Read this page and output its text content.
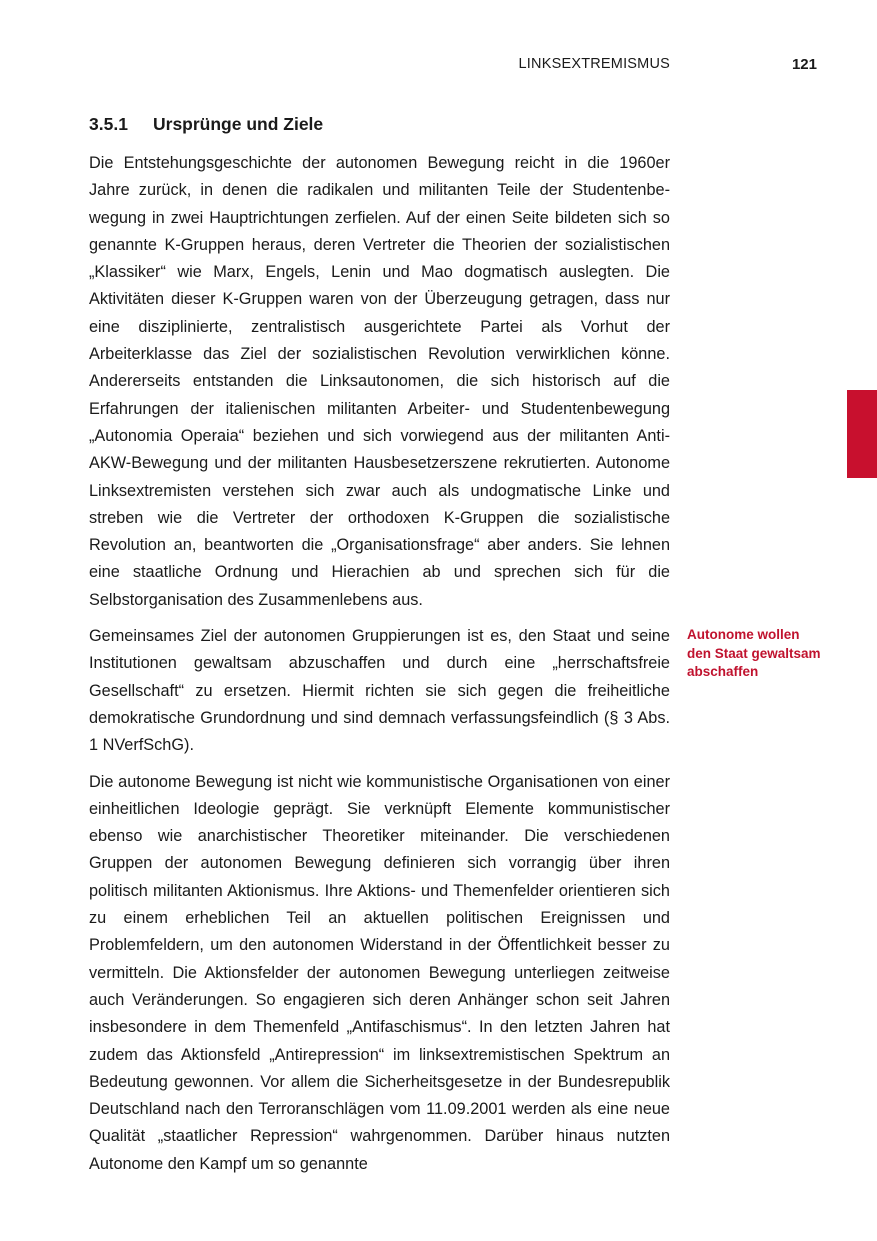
LINKSEXTREMISMUS	121
3.5.1 Ursprünge und Ziele

Die Entstehungsgeschichte der autonomen Bewegung reicht in die 1960er Jahre zurück, in denen die radikalen und militanten Teile der Studentenbewegung in zwei Hauptrichtungen zerfielen. Auf der einen Seite bildeten sich so genannte K-Gruppen heraus, deren Vertreter die Theorien der sozialistischen „Klassiker“ wie Marx, Engels, Lenin und Mao dogmatisch auslegten. Die Aktivitäten dieser K-Gruppen waren von der Überzeugung getragen, dass nur eine disziplinierte, zentralistisch ausgerichtete Partei als Vorhut der Arbeiterklasse das Ziel der sozialistischen Revolution verwirklichen könne. Andererseits entstanden die Linksautonomen, die sich historisch auf die Erfahrungen der italienischen militanten Arbeiter- und Studentenbewegung „Autonomia Operaia“ beziehen und sich vorwiegend aus der militanten Anti-AKW-Bewegung und der militanten Hausbesetzerszene rekrutierten. Autonome Linksextremisten verstehen sich zwar auch als undogmatische Linke und streben wie die Vertreter der orthodoxen K-Gruppen die sozialistische Revolution an, beantworten die „Organisationsfrage“ aber anders. Sie lehnen eine staatliche Ordnung und Hierachien ab und sprechen sich für die Selbstorganisation des Zusammenlebens aus.

Gemeinsames Ziel der autonomen Gruppierungen ist es, den Staat und seine Institutionen gewaltsam abzuschaffen und durch eine „herrschaftsfreie Gesellschaft“ zu ersetzen. Hiermit richten sie sich gegen die freiheitliche demokratische Grundordnung und sind demnach verfassungsfeindlich (§ 3 Abs. 1 NVerfSchG).

Die autonome Bewegung ist nicht wie kommunistische Organisationen von einer einheitlichen Ideologie geprägt. Sie verknüpft Elemente kommunistischer ebenso wie anarchistischer Theoretiker miteinander. Die verschiedenen Gruppen der autonomen Bewegung definieren sich vorrangig über ihren politisch militanten Aktionismus. Ihre Aktions- und Themenfelder orientieren sich zu einem erheblichen Teil an aktuellen politischen Ereignissen und Problemfeldern, um den autonomen Widerstand in der Öffentlichkeit besser zu vermitteln. Die Aktionsfelder der autonomen Bewegung unterliegen zeitweise auch Veränderungen. So engagieren sich deren Anhänger schon seit Jahren insbesondere in dem Themenfeld „Antifaschismus“. In den letzten Jahren hat zudem das Aktionsfeld „Antirepression“ im linksextremistischen Spektrum an Bedeutung gewonnen. Vor allem die Sicherheitsgesetze in der Bundesrepublik Deutschland nach den Terroranschlägen vom 11.09.2001 werden als eine neue Qualität „staatlicher Repression“ wahrgenommen. Darüber hinaus nutzten Autonome den Kampf um so genannte

Autonome wollen den Staat gewaltsam abschaffen
